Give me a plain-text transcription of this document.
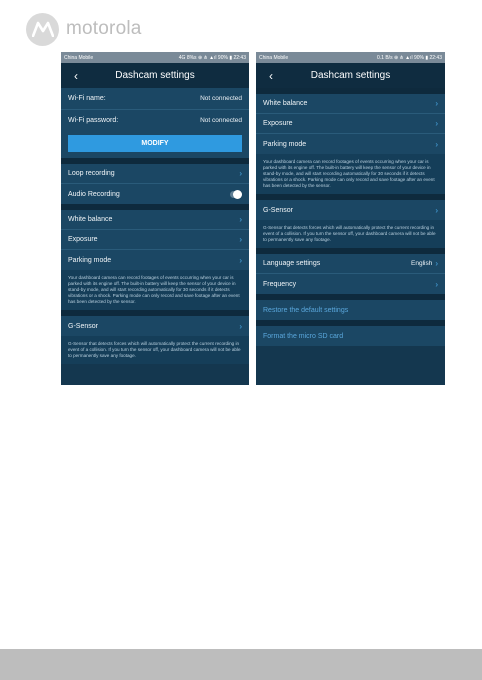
motorola
China Mobile	4G 8%s ⊕ ⋔ ▲ıl 90% ▮ 22:43
‹	Dashcam settings
Wi-Fi name:	Not connected
Wi-Fi password:	Not connected
MODIFY
Loop recording	›
Audio Recording
White balance	›
Exposure	›
Parking mode	›
Your dashboard camera can record footages of events occurring when your car is parked with its engine off. The built-in battery will keep the sensor of your device in stand-by mode, and will start recording automatically for 30 seconds if it detects vibrations or a shock. Parking mode can only record and save footage after an event has been detected by the sensor.
G-Sensor	›
G-Sensor that detects forces which will automatically protect the current recording in event of a collision. If you turn the sensor off, your dashboard camera will not be able to permanently save any footage.
China Mobile	0.1 B/s ⊕ ⋔ ▲ıl 90% ▮ 22:43
‹	Dashcam settings
White balance	›
Exposure	›
Parking mode	›
Your dashboard camera can record footages of events occurring when your car is parked with its engine off. The built-in battery will keep the sensor of your device in stand-by mode, and will start recording automatically for 30 seconds if it detects vibrations or a shock. Parking mode can only record and save footage after an event has been detected by the sensor.
G-Sensor	›
G-Sensor that detects forces which will automatically protect the current recording in event of a collision. If you turn the sensor off, your dashboard camera will not be able to permanently save any footage.
Language settings	English ›
Frequency	›
Restore the default settings
Format the micro SD card
